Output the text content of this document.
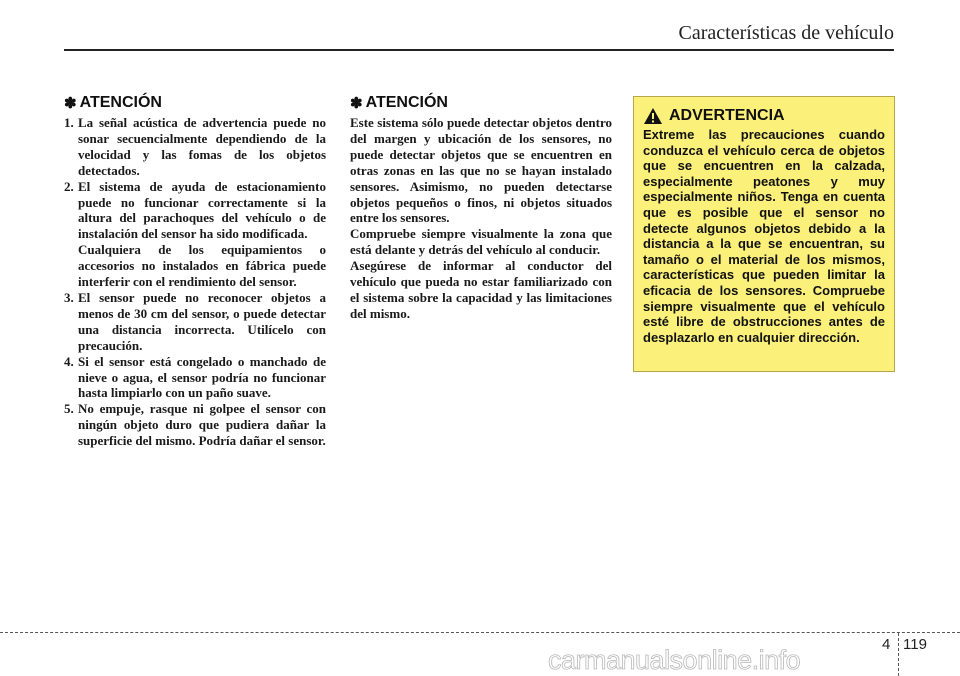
Características de vehículo
✽ ATENCIÓN
1. La señal acústica de advertencia puede no sonar secuencialmente dependiendo de la velocidad y las fomas de los objetos detectados.
2. El sistema de ayuda de estacionamiento puede no funcionar correctamente si la altura del parachoques del vehículo o de instalación del sensor ha sido modificada.
Cualquiera de los equipamientos o accesorios no instalados en fábrica puede interferir con el rendimiento del sensor.
3. El sensor puede no reconocer objetos a menos de 30 cm del sensor, o puede detectar una distancia incorrecta. Utilícelo con precaución.
4. Si el sensor está congelado o manchado de nieve o agua, el sensor podría no funcionar hasta limpiarlo con un paño suave.
5. No empuje, rasque ni golpee el sensor con ningún objeto duro que pudiera dañar la superficie del mismo. Podría dañar el sensor.
✽ ATENCIÓN

Este sistema sólo puede detectar objetos dentro del margen y ubicación de los sensores, no puede detectar objetos que se encuentren en otras zonas en las que no se hayan instalado sensores. Asimismo, no pueden detectarse objetos pequeños o finos, ni objetos situados entre los sensores.

Compruebe siempre visualmente la zona que está delante y detrás del vehículo al conducir.

Asegúrese de informar al conductor del vehículo que pueda no estar familiarizado con el sistema sobre la capacidad y las limitaciones del mismo.

ADVERTENCIA

Extreme las precauciones cuando conduzca el vehículo cerca de objetos que se encuentren en la calzada, especialmente peatones y muy especialmente niños. Tenga en cuenta que es posible que el sensor no detecte algunos objetos debido a la distancia a la que se encuentran, su tamaño o el material de los mismos, características que pueden limitar la eficacia de los sensores. Compruebe siempre visualmente que el vehículo esté libre de obstrucciones antes de desplazarlo en cualquier dirección.

4 119
carmanualsonline.info
